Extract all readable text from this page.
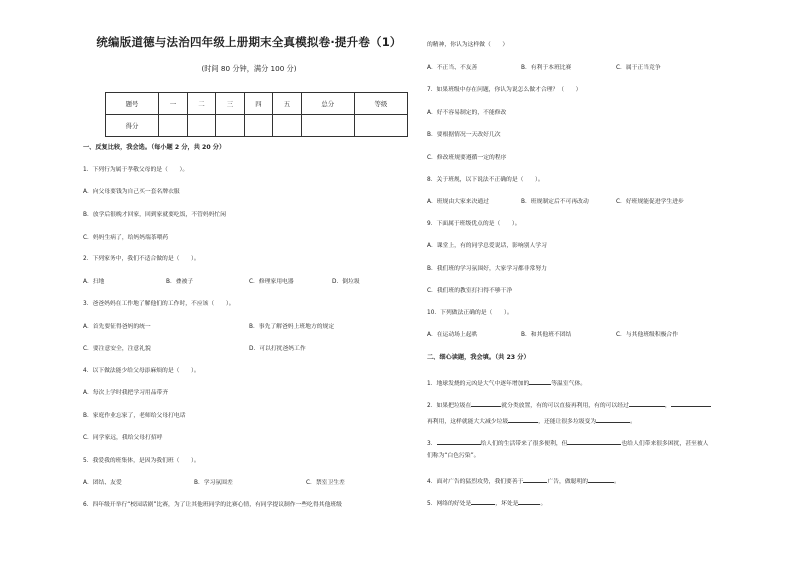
统编版道德与法治四年级上册期末全真模拟卷·提升卷（1）
(时间 80 分钟，满分 100 分)
题号	一	二	三	四	五	总分	等级
得分							
一、反复比较，我会选。（每小题 2 分，共 20 分）
1．下列行为属于孝敬父母的是（　　）。
A．向父母要钱为自己买一套名牌衣服
B．放学后很晚才回家，回到家就要吃饭，不管妈妈忙闲
C．妈妈生病了，给妈妈端茶喂药
2．下列家务中，我们不适合做的是（　　）。
A．扫地	B．叠被子	C．修理家用电器	D．倒垃圾
3．爸爸妈妈在工作地了解他们的工作时，不应该（　　）。
A．首先要征得爸妈的统一	B．事先了解爸妈上班地方的规定
C．要注意安全，注意礼貌	D．可以打扰爸妈工作
4．以下做法能少给父母添麻烦的是（　　）。
A．每次上学时我把学习用品带齐
B．家庭作业忘家了，老师给父母打电话
C．同学家远，我给父母打招呼
5．我爱我的班集体，是因为我们班（　　）。
A．团结、友爱	B．学习氛围差	C．禁室卫生差
6．四年级开举行“校园话剧”比赛，为了让其他班同学的比赛心情，有同学提议制作一些吃得其他班级
的精神，你认为这样做（　　）
A．不正当、不友善	B．有利于本班比赛	C．属于正当竞争
7．如果班级中存在问题，你认为说怎么做才合理？（　　）
A．好不容易制定的，不能修改
B．要根据情况一天改好几次
C．修改班规要遵循一定的程序
8．关于班规，以下说法不正确的是（　　）。
A．班规由大家来决通过	B．班规制定后不可再改动	C．好班规能促进学生进步
9．下面属于班级优点的是（　　）。
A．课堂上，有的同学总爱说话，影响别人学习
B．我们班的学习氛围好，大家学习都非常努力
C．我们班的教室打扫得不够干净
10．下列做法正确的是（　　）。
A．在运动场上起哄	B．和其他班不团结	C．与其他班级积极合作
二、细心读题，我会填。（共 23 分）
1．地球发烧的元凶是大气中逐年增加的	等温室气体。
2．如果把垃圾在	就分类放置，有的可以直接再利用，有的可以经过	，
再利用，这样就能大大减少垃圾	，还能让很多垃圾变为	。
3．	给人们的生活带来了很多便利，但	也给人们带来很多困扰，甚至被人
们称为“白色污染”。
4．面对广告的猛烈攻势，我们要善于	广告，做聪明的	。
5．网络的好处是	，坏处是	。
